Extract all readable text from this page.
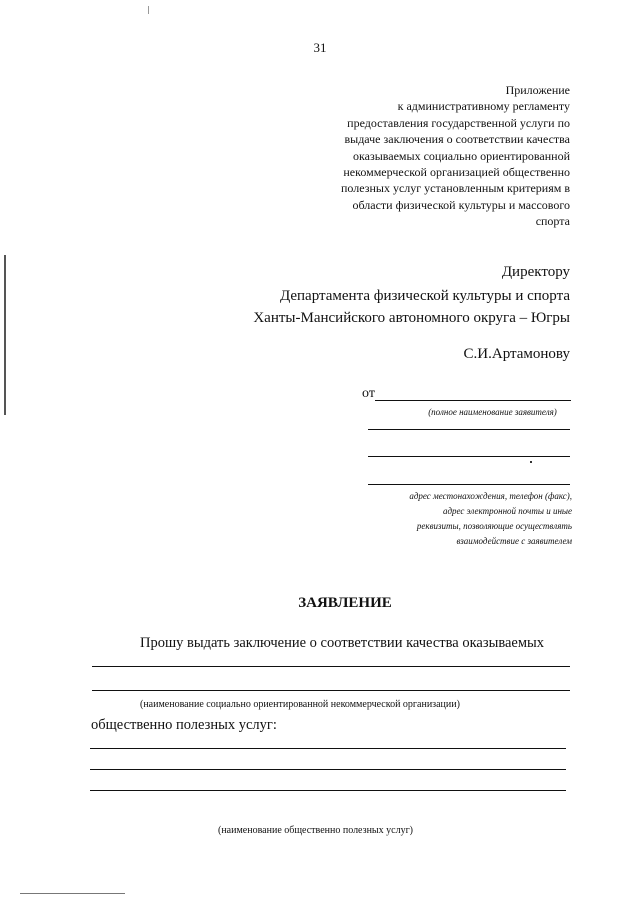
31
Приложение
к административному регламенту
предоставления государственной услуги по
выдаче заключения о соответствии качества
оказываемых социально ориентированной
некоммерческой организацией общественно
полезных услуг установленным критериям в
области физической культуры и массового
спорта
Директору
Департамента физической культуры и спорта
Ханты-Мансийского автономного округа – Югры
С.И.Артамонову
от
(полное наименование заявителя)
адрес местонахождения, телефон (факс),
адрес электронной почты и иные
реквизиты, позволяющие осуществлять
взаимодействие с заявителем
ЗАЯВЛЕНИЕ
Прошу выдать заключение о соответствии качества оказываемых
(наименование социально ориентированной некоммерческой организации)
общественно полезных услуг:
(наименование общественно полезных услуг)
